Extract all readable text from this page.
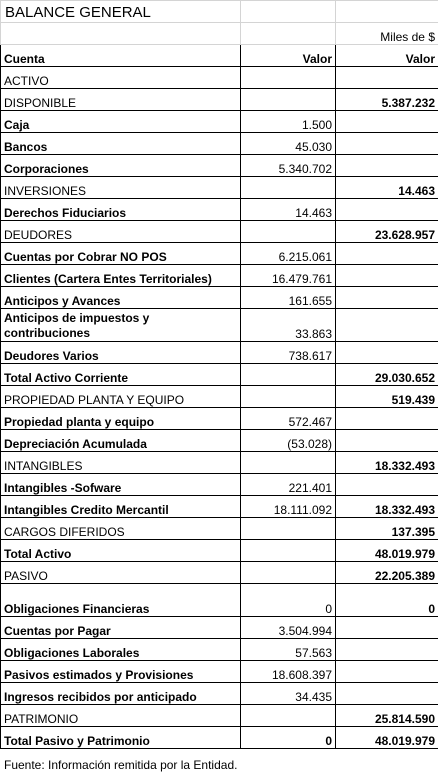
BALANCE GENERAL		
		Miles de $
Cuenta	Valor	Valor
ACTIVO		
DISPONIBLE		5.387.232
Caja	1.500	
Bancos	45.030	
Corporaciones	5.340.702	
INVERSIONES		14.463
Derechos Fiduciarios	14.463	
DEUDORES		23.628.957
Cuentas por Cobrar NO POS	6.215.061	
Clientes (Cartera Entes Territoriales)	16.479.761	
Anticipos y Avances	161.655	
Anticipos de impuestos y contribuciones	33.863	
Deudores Varios	738.617	
Total Activo Corriente		29.030.652
PROPIEDAD PLANTA Y EQUIPO		519.439
Propiedad planta y equipo	572.467	
Depreciación Acumulada	(53.028)	
INTANGIBLES		18.332.493
Intangibles -Sofware	221.401	
Intangibles Credito Mercantil	18.111.092	18.332.493
CARGOS DIFERIDOS		137.395
Total Activo		48.019.979
PASIVO		22.205.389
Obligaciones Financieras	0	0
Cuentas por Pagar	3.504.994	
Obligaciones Laborales	57.563	
Pasivos estimados y Provisiones	18.608.397	
Ingresos recibidos por anticipado	34.435	
PATRIMONIO		25.814.590
Total Pasivo y Patrimonio	0	48.019.979
Fuente: Información remitida por la Entidad.
